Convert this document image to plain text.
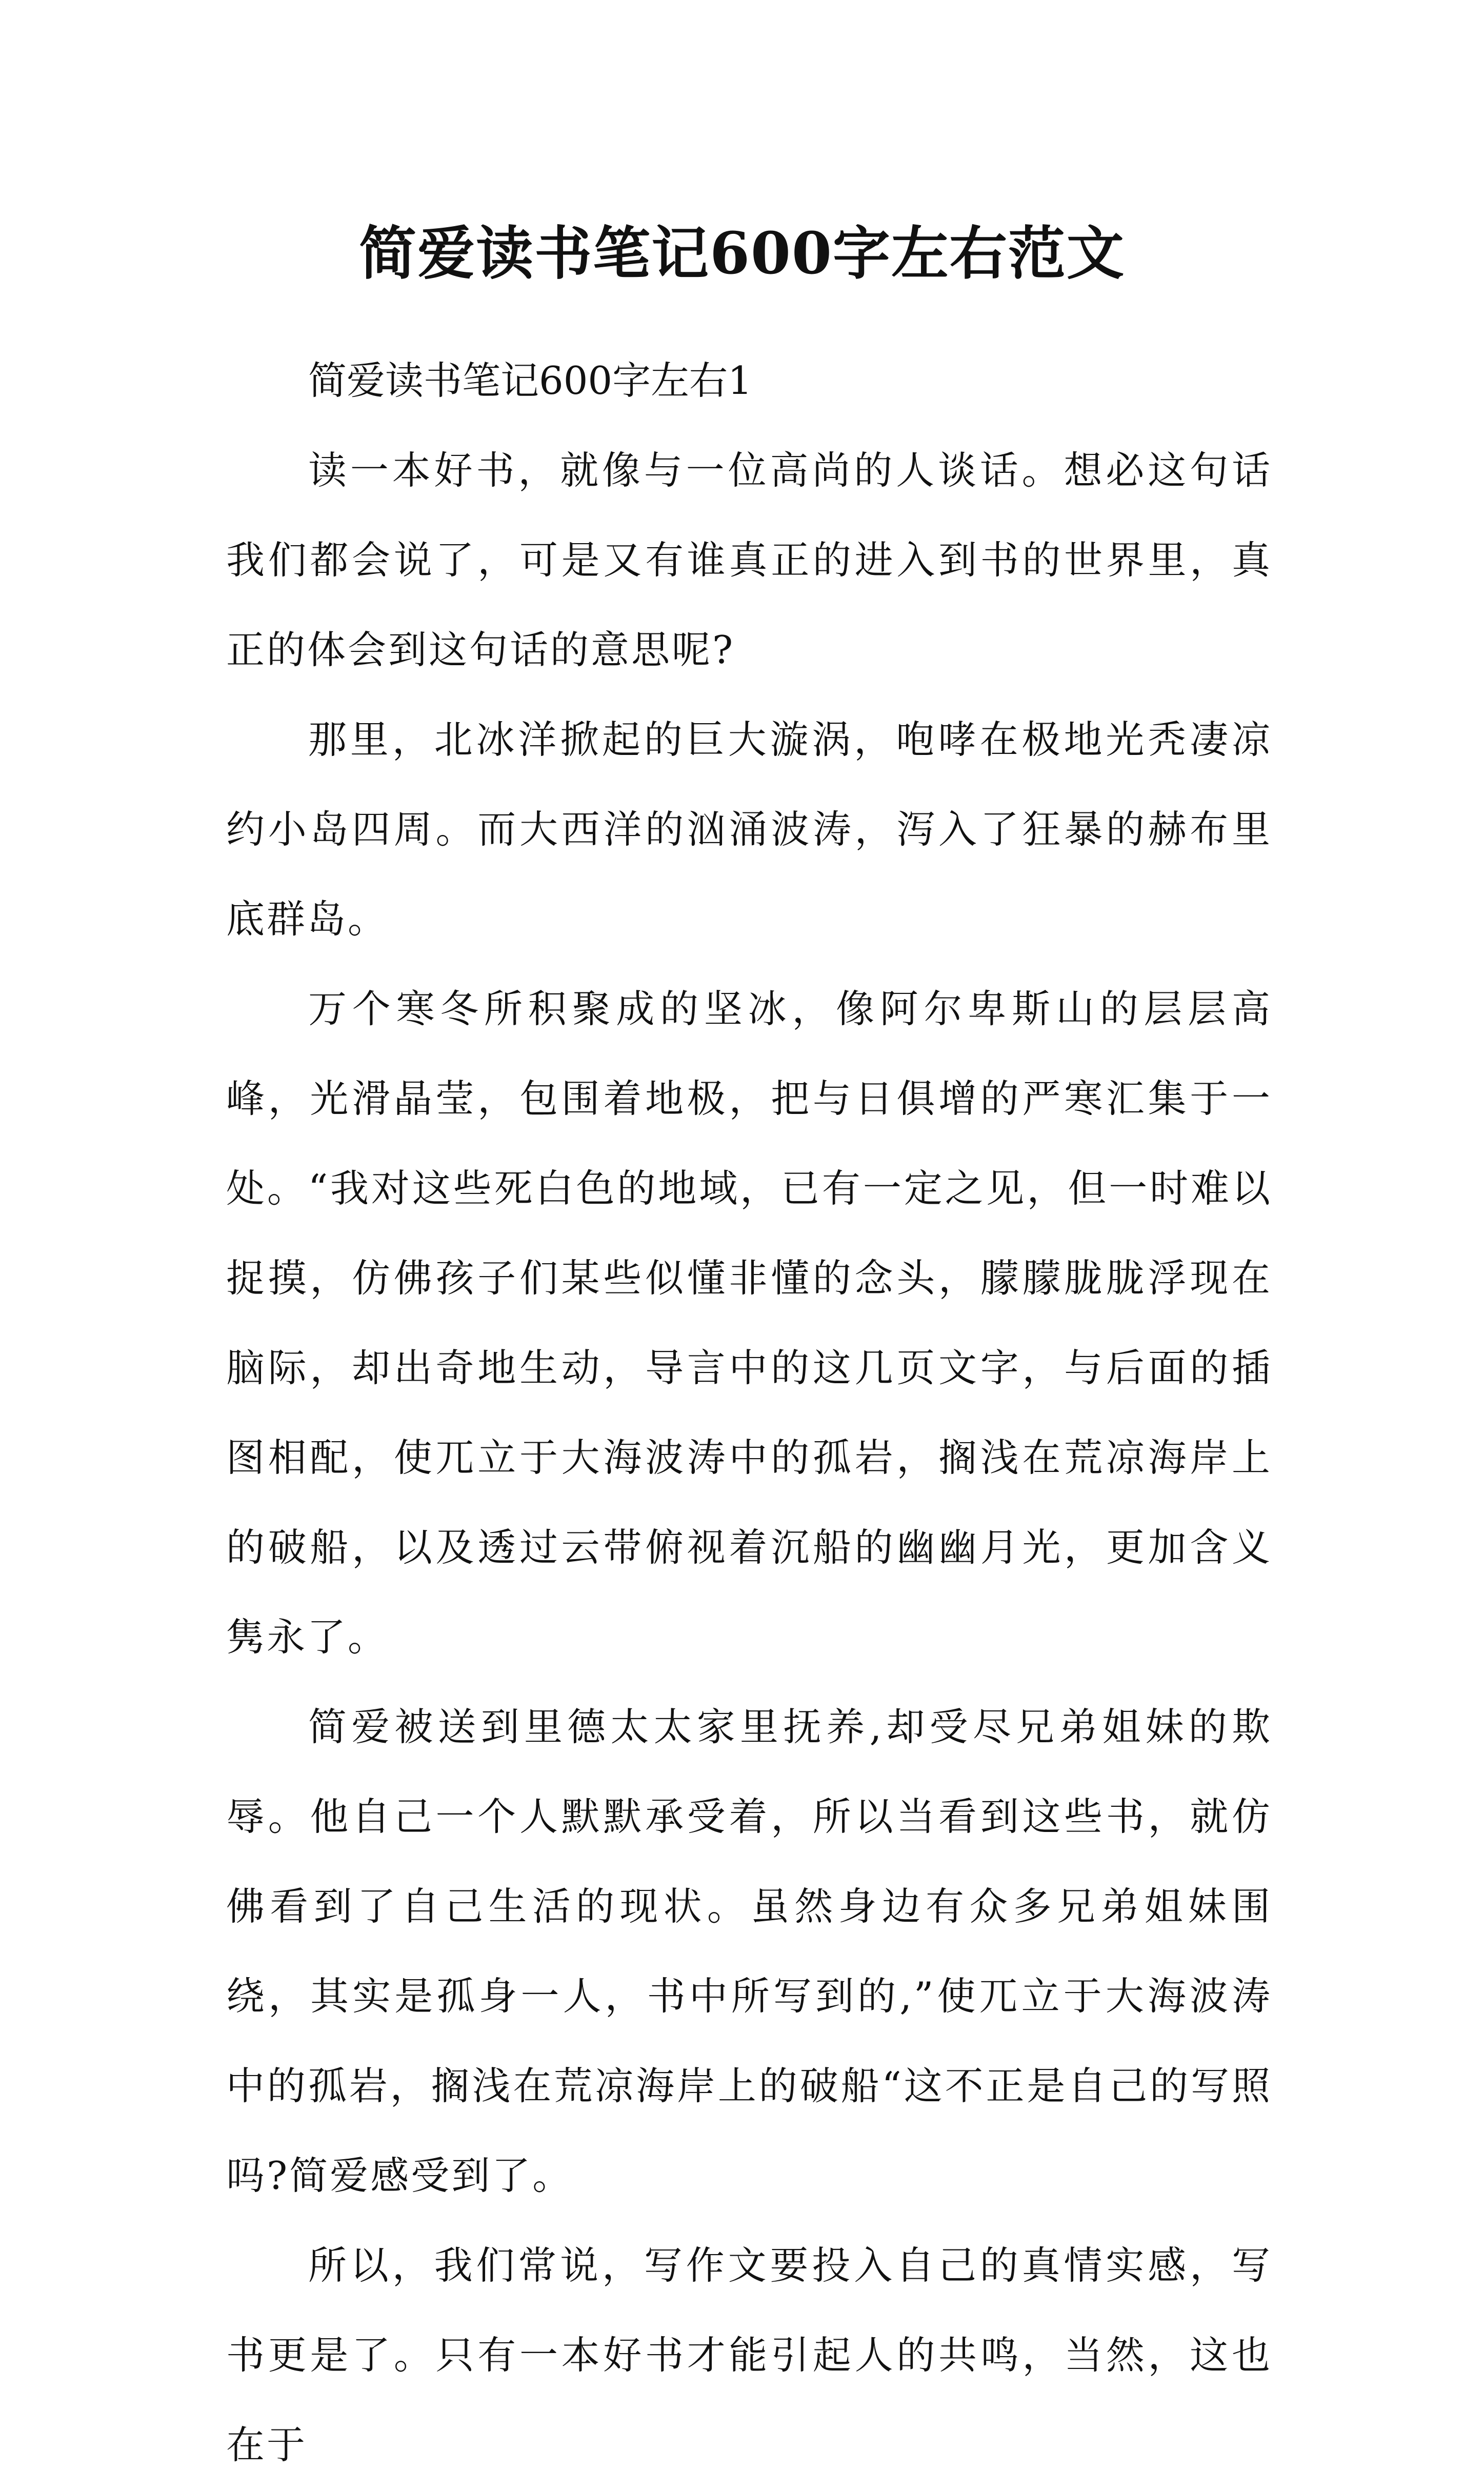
简爱读书笔记600字左右范文

简爱读书笔记600字左右1

读一本好书，就像与一位高尚的人谈话。想必这句话我们都会说了，可是又有谁真正的进入到书的世界里，真正的体会到这句话的意思呢?

那里，北冰洋掀起的巨大漩涡，咆哮在极地光秃凄凉约小岛四周。而大西洋的汹涌波涛，泻入了狂暴的赫布里底群岛。

万个寒冬所积聚成的坚冰，像阿尔卑斯山的层层高峰，光滑晶莹，包围着地极，把与日俱增的严寒汇集于一处。“我对这些死白色的地域，已有一定之见，但一时难以捉摸，仿佛孩子们某些似懂非懂的念头，朦朦胧胧浮现在脑际，却出奇地生动，导言中的这几页文字，与后面的插图相配，使兀立于大海波涛中的孤岩，搁浅在荒凉海岸上的破船，以及透过云带俯视着沉船的幽幽月光，更加含义隽永了。

简爱被送到里德太太家里抚养,却受尽兄弟姐妹的欺辱。他自己一个人默默承受着，所以当看到这些书，就仿佛看到了自己生活的现状。虽然身边有众多兄弟姐妹围绕，其实是孤身一人，书中所写到的,”使兀立于大海波涛中的孤岩，搁浅在荒凉海岸上的破船“这不正是自己的写照吗?简爱感受到了。

所以，我们常说，写作文要投入自己的真情实感，写书更是了。只有一本好书才能引起人的共鸣，当然，这也在于
